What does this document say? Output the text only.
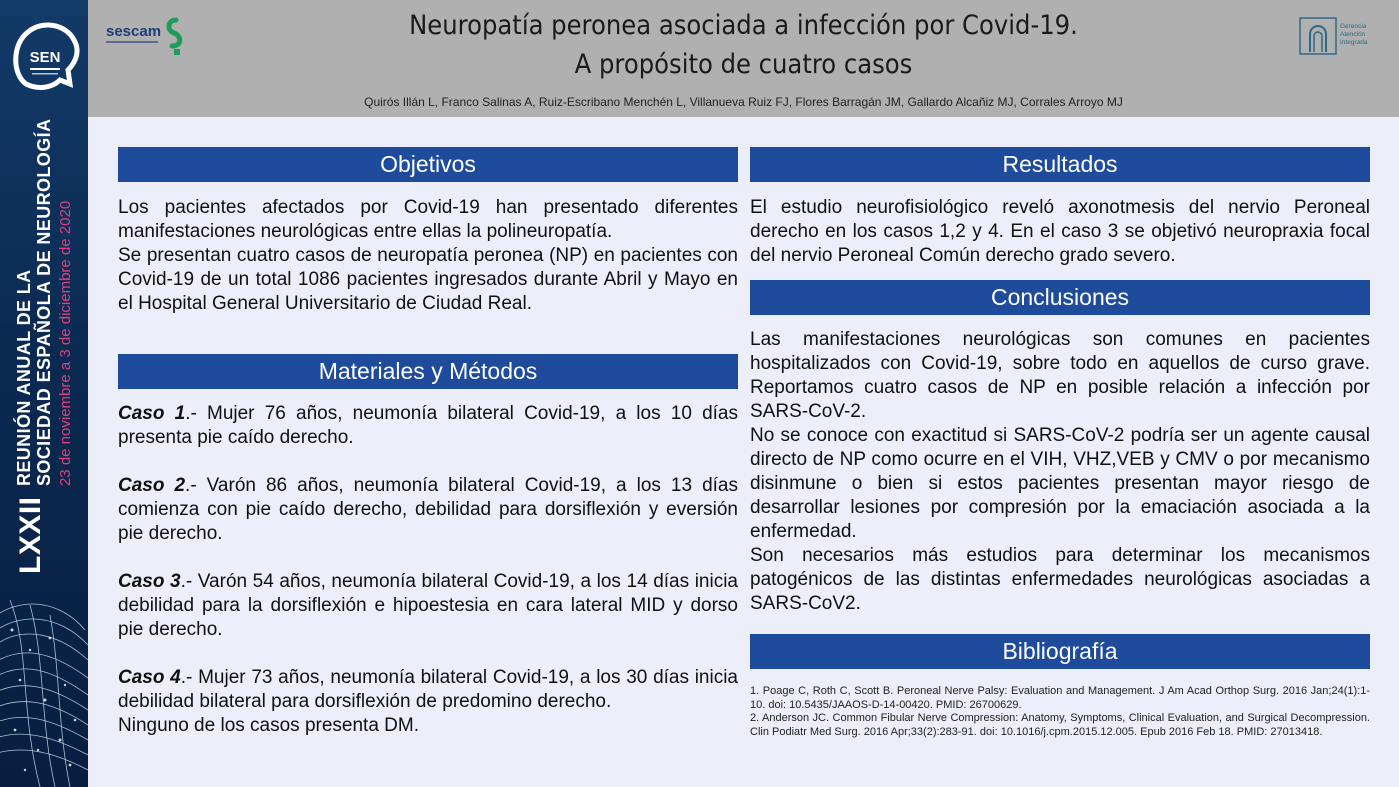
SEN
LXXII
REUNIÓN ANUAL DE LA SOCIEDAD ESPAÑOLA DE NEUROLOGÍA 23 de noviembre a 3 de diciembre de 2020
sescam	Neuropatía peronea asociada a infección por Covid-19.
A propósito de cuatro casos
Quirós Illán L, Franco Salinas A, Ruiz-Escribano Menchén L, Villanueva Ruiz FJ, Flores Barragán JM, Gallardo Alcañiz MJ, Corrales Arroyo MJ
Gerencia
Atención
Integrada
Objetivos

Los pacientes afectados por Covid-19 han presentado diferentes manifestaciones neurológicas entre ellas la polineuropatía.

Se presentan cuatro casos de neuropatía peronea (NP) en pacientes con Covid-19 de un total 1086 pacientes ingresados durante Abril y Mayo en el Hospital General Universitario de Ciudad Real.

Materiales y Métodos

Caso 1.- Mujer 76 años, neumonía bilateral Covid-19, a los 10 días presenta pie caído derecho.

Caso 2.- Varón 86 años, neumonía bilateral Covid-19, a los 13 días comienza con pie caído derecho, debilidad para dorsiflexión y eversión pie derecho.

Caso 3.- Varón 54 años, neumonía bilateral Covid-19, a los 14 días inicia debilidad para la dorsiflexión e hipoestesia en cara lateral MID y dorso pie derecho.

Caso 4.- Mujer 73 años, neumonía bilateral Covid-19, a los 30 días inicia debilidad bilateral para dorsiflexión de predomino derecho.

Ninguno de los casos presenta DM.

Resultados

El estudio neurofisiológico reveló axonotmesis del nervio Peroneal derecho en los casos 1,2 y 4. En el caso 3 se objetivó neuropraxia focal del nervio Peroneal Común derecho grado severo.

Conclusiones

Las manifestaciones neurológicas son comunes en pacientes hospitalizados con Covid-19, sobre todo en aquellos de curso grave. Reportamos cuatro casos de NP en posible relación a infección por SARS-CoV-2.

No se conoce con exactitud si SARS-CoV-2 podría ser un agente causal directo de NP como ocurre en el VIH, VHZ,VEB y CMV o por mecanismo disinmune o bien si estos pacientes presentan mayor riesgo de desarrollar lesiones por compresión por la emaciación asociada a la enfermedad.

Son necesarios más estudios para determinar los mecanismos patogénicos de las distintas enfermedades neurológicas asociadas a SARS-CoV2.

Bibliografía

1. Poage C, Roth C, Scott B. Peroneal Nerve Palsy: Evaluation and Management. J Am Acad Orthop Surg. 2016 Jan;24(1):1-10. doi: 10.5435/JAAOS-D-14-00420. PMID: 26700629.

2. Anderson JC. Common Fibular Nerve Compression: Anatomy, Symptoms, Clinical Evaluation, and Surgical Decompression. Clin Podiatr Med Surg. 2016 Apr;33(2):283-91. doi: 10.1016/j.cpm.2015.12.005. Epub 2016 Feb 18. PMID: 27013418.
